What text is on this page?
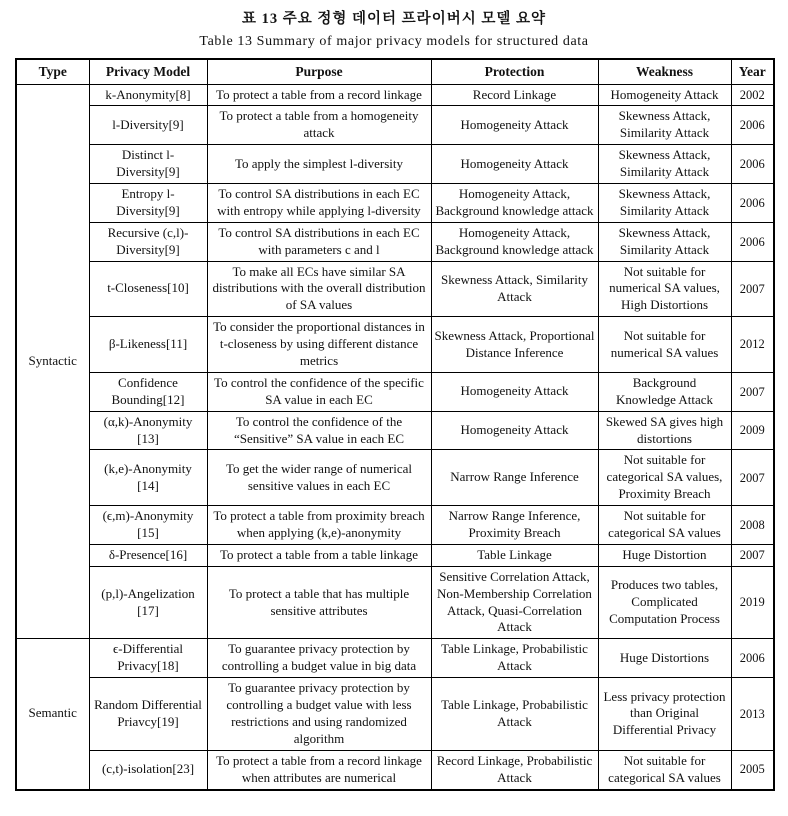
표 13 주요 정형 데이터 프라이버시 모델 요약
Table 13 Summary of major privacy models for structured data
Type	Privacy Model	Purpose	Protection	Weakness	Year
Syntactic	k-Anonymity[8]	To protect a table from a record linkage	Record Linkage	Homogeneity Attack	2002
	l-Diversity[9]	To protect a table from a homogeneity attack	Homogeneity Attack	Skewness Attack, Similarity Attack	2006
	Distinct l-Diversity[9]	To apply the simplest l-diversity	Homogeneity Attack	Skewness Attack, Similarity Attack	2006
	Entropy l-Diversity[9]	To control SA distributions in each EC with entropy while applying l-diversity	Homogeneity Attack, Background knowledge attack	Skewness Attack, Similarity Attack	2006
	Recursive (c,l)-Diversity[9]	To control SA distributions in each EC with parameters c and l	Homogeneity Attack, Background knowledge attack	Skewness Attack, Similarity Attack	2006
	t-Closeness[10]	To make all ECs have similar SA distributions with the overall distribution of SA values	Skewness Attack, Similarity Attack	Not suitable for numerical SA values, High Distortions	2007
	β-Likeness[11]	To consider the proportional distances in t-closeness by using different distance metrics	Skewness Attack, Proportional Distance Inference	Not suitable for numerical SA values	2012
	Confidence Bounding[12]	To control the confidence of the specific SA value in each EC	Homogeneity Attack	Background Knowledge Attack	2007
	(α,k)-Anonymity [13]	To control the confidence of the “Sensitive” SA value in each EC	Homogeneity Attack	Skewed SA gives high distortions	2009
	(k,e)-Anonymity [14]	To get the wider range of numerical sensitive values in each EC	Narrow Range Inference	Not suitable for categorical SA values, Proximity Breach	2007
	(ϵ,m)-Anonymity [15]	To protect a table from proximity breach when applying (k,e)-anonymity	Narrow Range Inference, Proximity Breach	Not suitable for categorical SA values	2008
	δ-Presence[16]	To protect a table from a table linkage	Table Linkage	Huge Distortion	2007
	(p,l)-Angelization [17]	To protect a table that has multiple sensitive attributes	Sensitive Correlation Attack, Non-Membership Correlation Attack, Quasi-Correlation Attack	Produces two tables, Complicated Computation Process	2019
Semantic	ϵ-Differential Privacy[18]	To guarantee privacy protection by controlling a budget value in big data	Table Linkage, Probabilistic Attack	Huge Distortions	2006
	Random Differential Priavcy[19]	To guarantee privacy protection by controlling a budget value with less restrictions and using randomized algorithm	Table Linkage, Probabilistic Attack	Less privacy protection than Original Differential Privacy	2013
	(c,t)-isolation[23]	To protect a table from a record linkage when attributes are numerical	Record Linkage, Probabilistic Attack	Not suitable for categorical SA values	2005
